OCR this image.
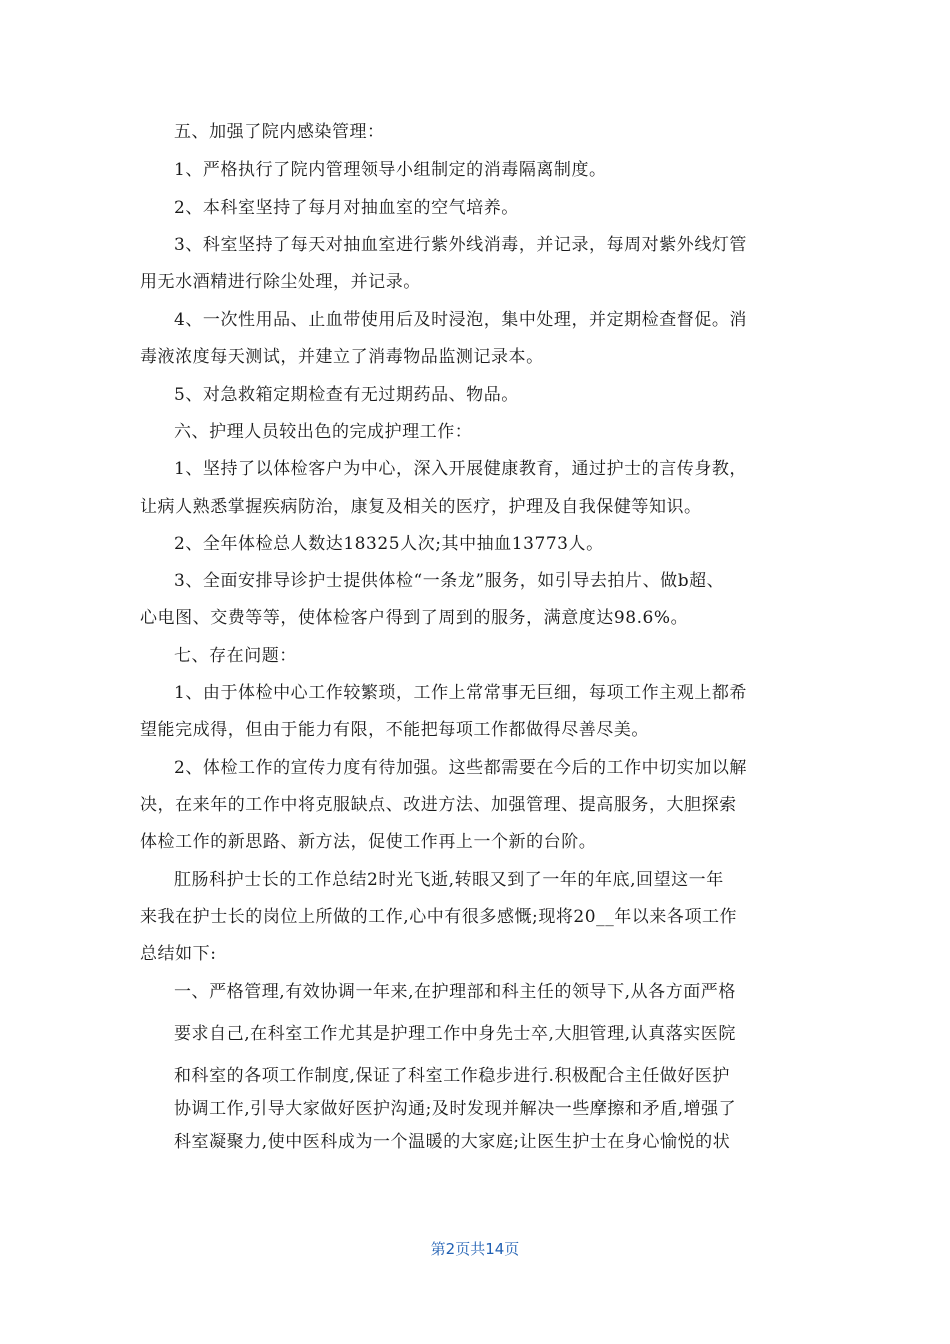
五、加强了院内感染管理：
1、严格执行了院内管理领导小组制定的消毒隔离制度。
2、本科室坚持了每月对抽血室的空气培养。
3、科室坚持了每天对抽血室进行紫外线消毒，并记录，每周对紫外线灯管
用无水酒精进行除尘处理，并记录。
4、一次性用品、止血带使用后及时浸泡，集中处理，并定期检查督促。消
毒液浓度每天测试，并建立了消毒物品监测记录本。
5、对急救箱定期检查有无过期药品、物品。
六、护理人员较出色的完成护理工作：
1、坚持了以体检客户为中心，深入开展健康教育，通过护士的言传身教，
让病人熟悉掌握疾病防治，康复及相关的医疗，护理及自我保健等知识。
2、全年体检总人数达18325人次;其中抽血13773人。
3、全面安排导诊护士提供体检“一条龙”服务，如引导去拍片、做b超、
心电图、交费等等，使体检客户得到了周到的服务，满意度达98.6%。
七、存在问题：
1、由于体检中心工作较繁琐，工作上常常事无巨细，每项工作主观上都希
望能完成得，但由于能力有限，不能把每项工作都做得尽善尽美。
2、体检工作的宣传力度有待加强。这些都需要在今后的工作中切实加以解
决，在来年的工作中将克服缺点、改进方法、加强管理、提高服务，大胆探索
体检工作的新思路、新方法，促使工作再上一个新的台阶。
肛肠科护士长的工作总结2时光飞逝,转眼又到了一年的年底,回望这一年
来我在护士长的岗位上所做的工作,心中有很多感慨;现将20__年以来各项工作
总结如下:
一、严格管理,有效协调一年来,在护理部和科主任的领导下,从各方面严格
要求自己,在科室工作尤其是护理工作中身先士卒,大胆管理,认真落实医院
和科室的各项工作制度,保证了科室工作稳步进行.积极配合主任做好医护
协调工作,引导大家做好医护沟通;及时发现并解决一些摩擦和矛盾,增强了
科室凝聚力,使中医科成为一个温暖的大家庭;让医生护士在身心愉悦的状
第2页共14页
